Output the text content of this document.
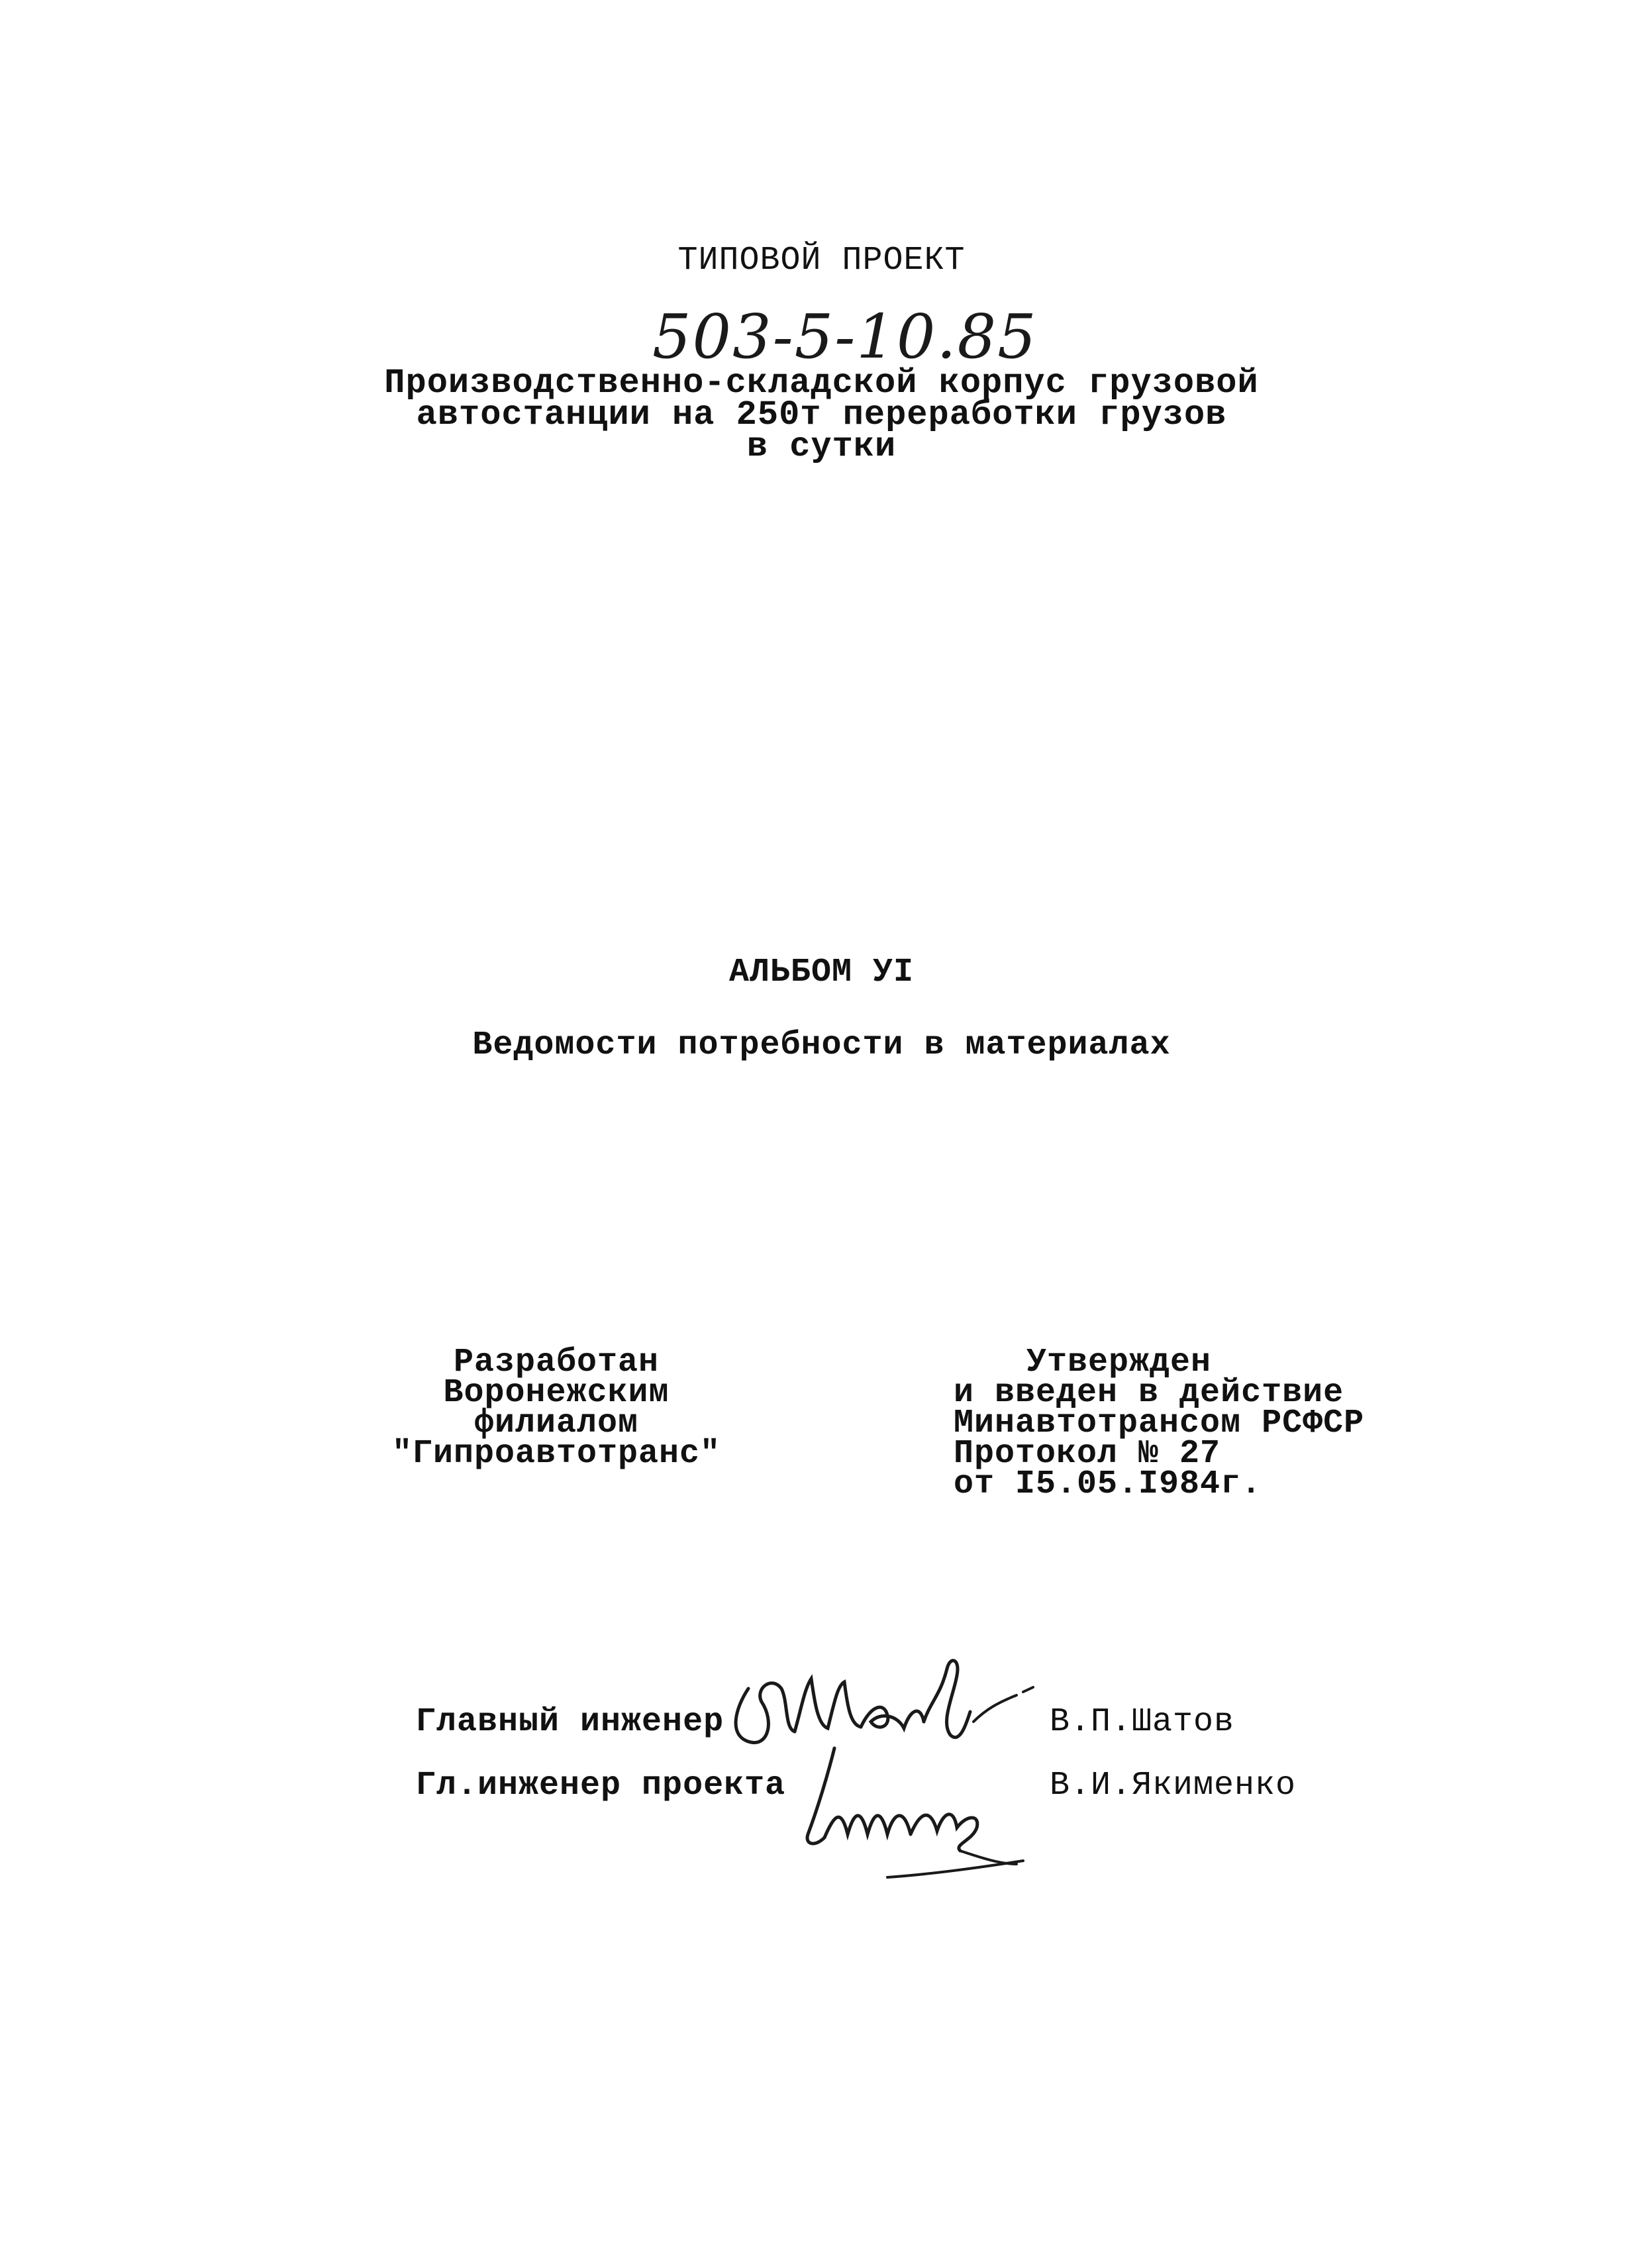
ТИПОВОЙ ПРОЕКТ
503-5-10.85
Производственно-складской корпус грузовой
автостанции на 250т переработки грузов
в сутки
АЛЬБОМ УI
Ведомости потребности в материалах
Разработан
Воронежским филиалом
"Гипроавтотранс"
Утвержден
и введен в действие
Минавтотрансом РСФСР
Протокол № 27
от I5.05.I984г.
Главный инженер	В.П.Шатов
Гл.инженер проекта	В.И.Якименко
